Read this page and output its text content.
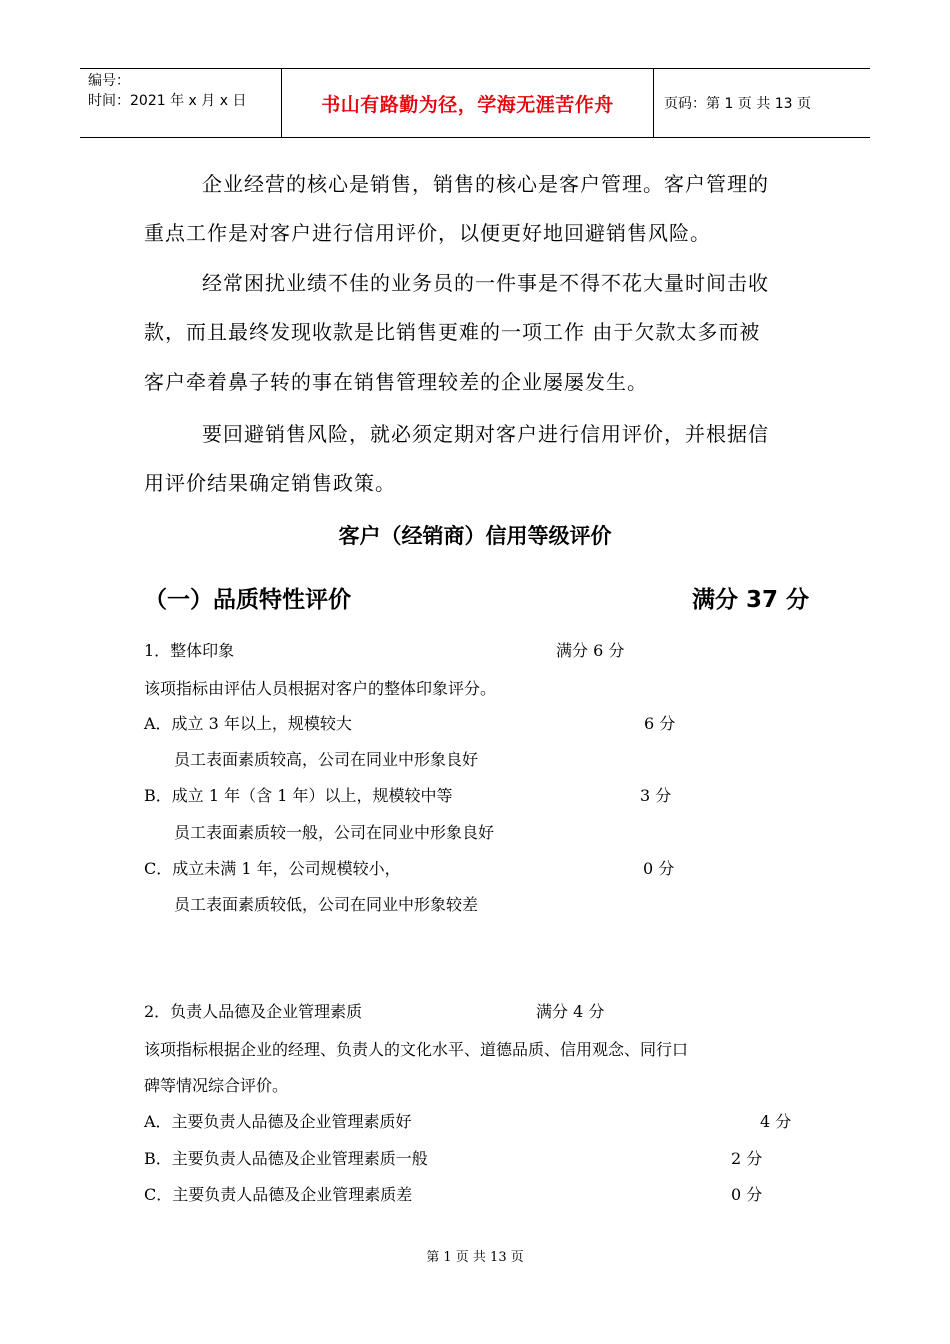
编号：
时间：2021 年 x 月 x 日	书山有路勤为径，学海无涯苦作舟	页码：第 1 页 共 13 页
企业经营的核心是销售，销售的核心是客户管理。客户管理的
重点工作是对客户进行信用评价，以便更好地回避销售风险。
经常困扰业绩不佳的业务员的一件事是不得不花大量时间击收
款，而且最终发现收款是比销售更难的一项工作 由于欠款太多而被
客户牵着鼻子转的事在销售管理较差的企业屡屡发生。
要回避销售风险，就必须定期对客户进行信用评价，并根据信
用评价结果确定销售政策。
客户（经销商）信用等级评价
（一）品质特性评价	满分 37 分
1．整体印象	满分 6 分
该项指标由评估人员根据对客户的整体印象评分。
A．成立 3 年以上，规模较大	6 分
员工表面素质较高，公司在同业中形象良好
B．成立 1 年（含 1 年）以上，规模较中等	3 分
员工表面素质较一般，公司在同业中形象良好
C．成立未满 1 年，公司规模较小，	0 分
员工表面素质较低，公司在同业中形象较差
2．负责人品德及企业管理素质	满分 4 分
该项指标根据企业的经理、负责人的文化水平、道德品质、信用观念、同行口
碑等情况综合评价。
A．主要负责人品德及企业管理素质好	4 分
B．主要负责人品德及企业管理素质一般	2 分
C．主要负责人品德及企业管理素质差	0 分
第 1 页 共 13 页
